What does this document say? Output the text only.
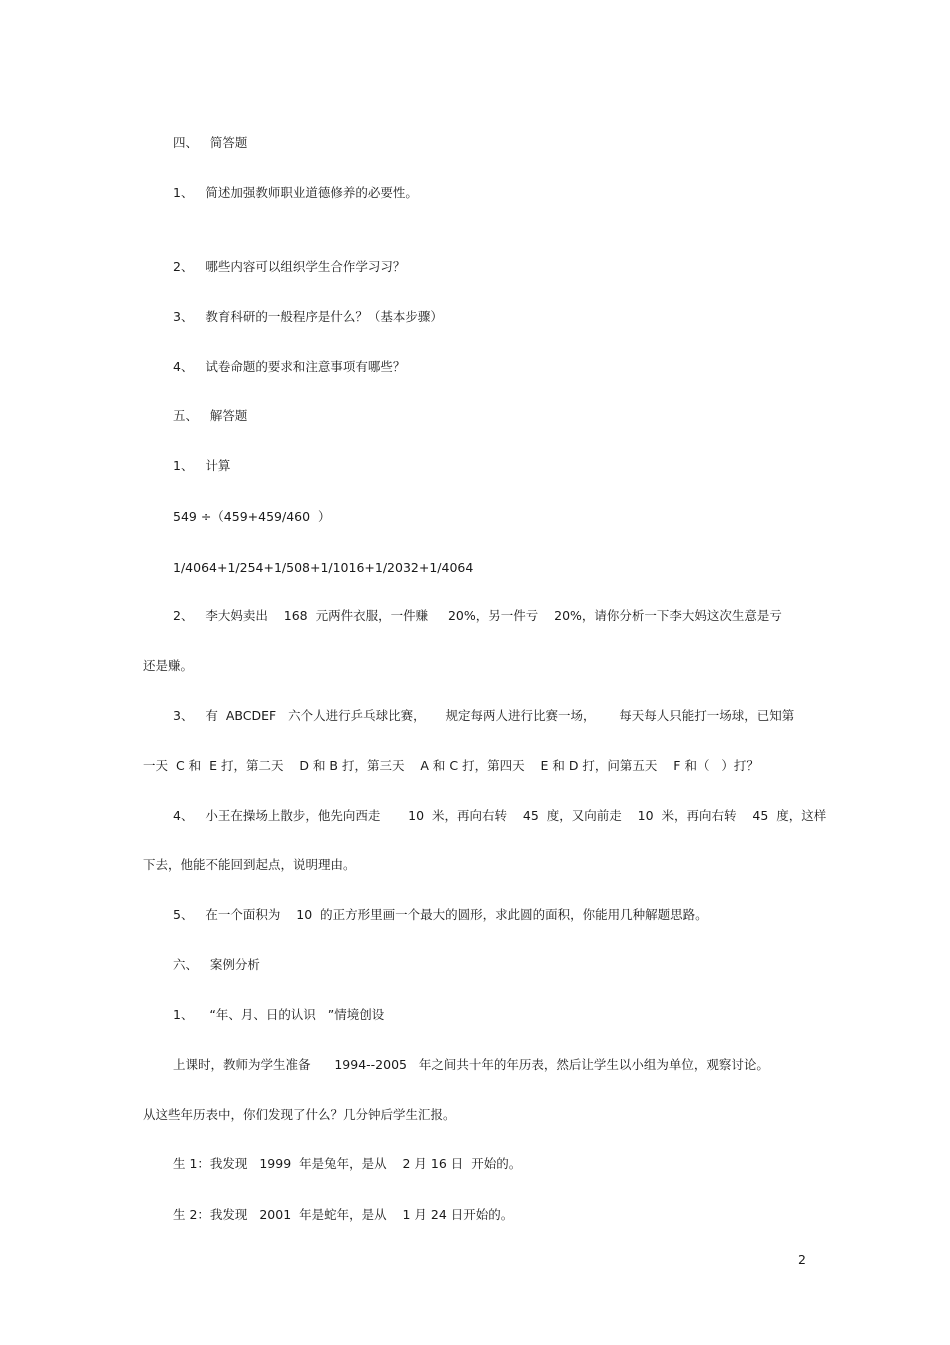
四、   简答题
1、   简述加强教师职业道德修养的必要性。
2、   哪些内容可以组织学生合作学习习？
3、   教育科研的一般程序是什么？（基本步骤）
4、   试卷命题的要求和注意事项有哪些？
五、   解答题
1、   计算
549 ÷（459+459/460  ）
1/4064+1/254+1/508+1/1016+1/2032+1/4064
2、   李大妈卖出    168  元两件衣服，一件赚     20%，另一件亏    20%，请你分析一下李大妈这次生意是亏
还是赚。
3、   有  ABCDEF   六个人进行乒乓球比赛，     规定每两人进行比赛一场，      每天每人只能打一场球，已知第
一天  C 和  E 打，第二天    D 和 B 打，第三天    A 和 C 打，第四天    E 和 D 打，问第五天    F 和（   ）打？
4、   小王在操场上散步，他先向西走       10  米，再向右转    45  度，又向前走    10  米，再向右转    45  度，这样
下去，他能不能回到起点，说明理由。
5、   在一个面积为    10  的正方形里画一个最大的圆形，求此圆的面积，你能用几种解题思路。
六、   案例分析
1、    “年、月、日的认识   ”情境创设
上课时，教师为学生准备      1994--2005   年之间共十年的年历表，然后让学生以小组为单位，观察讨论。
从这些年历表中，你们发现了什么？几分钟后学生汇报。
生 1：我发现   1999  年是兔年，是从    2 月 16 日  开始的。
生 2：我发现   2001  年是蛇年，是从    1 月 24 日开始的。
2
